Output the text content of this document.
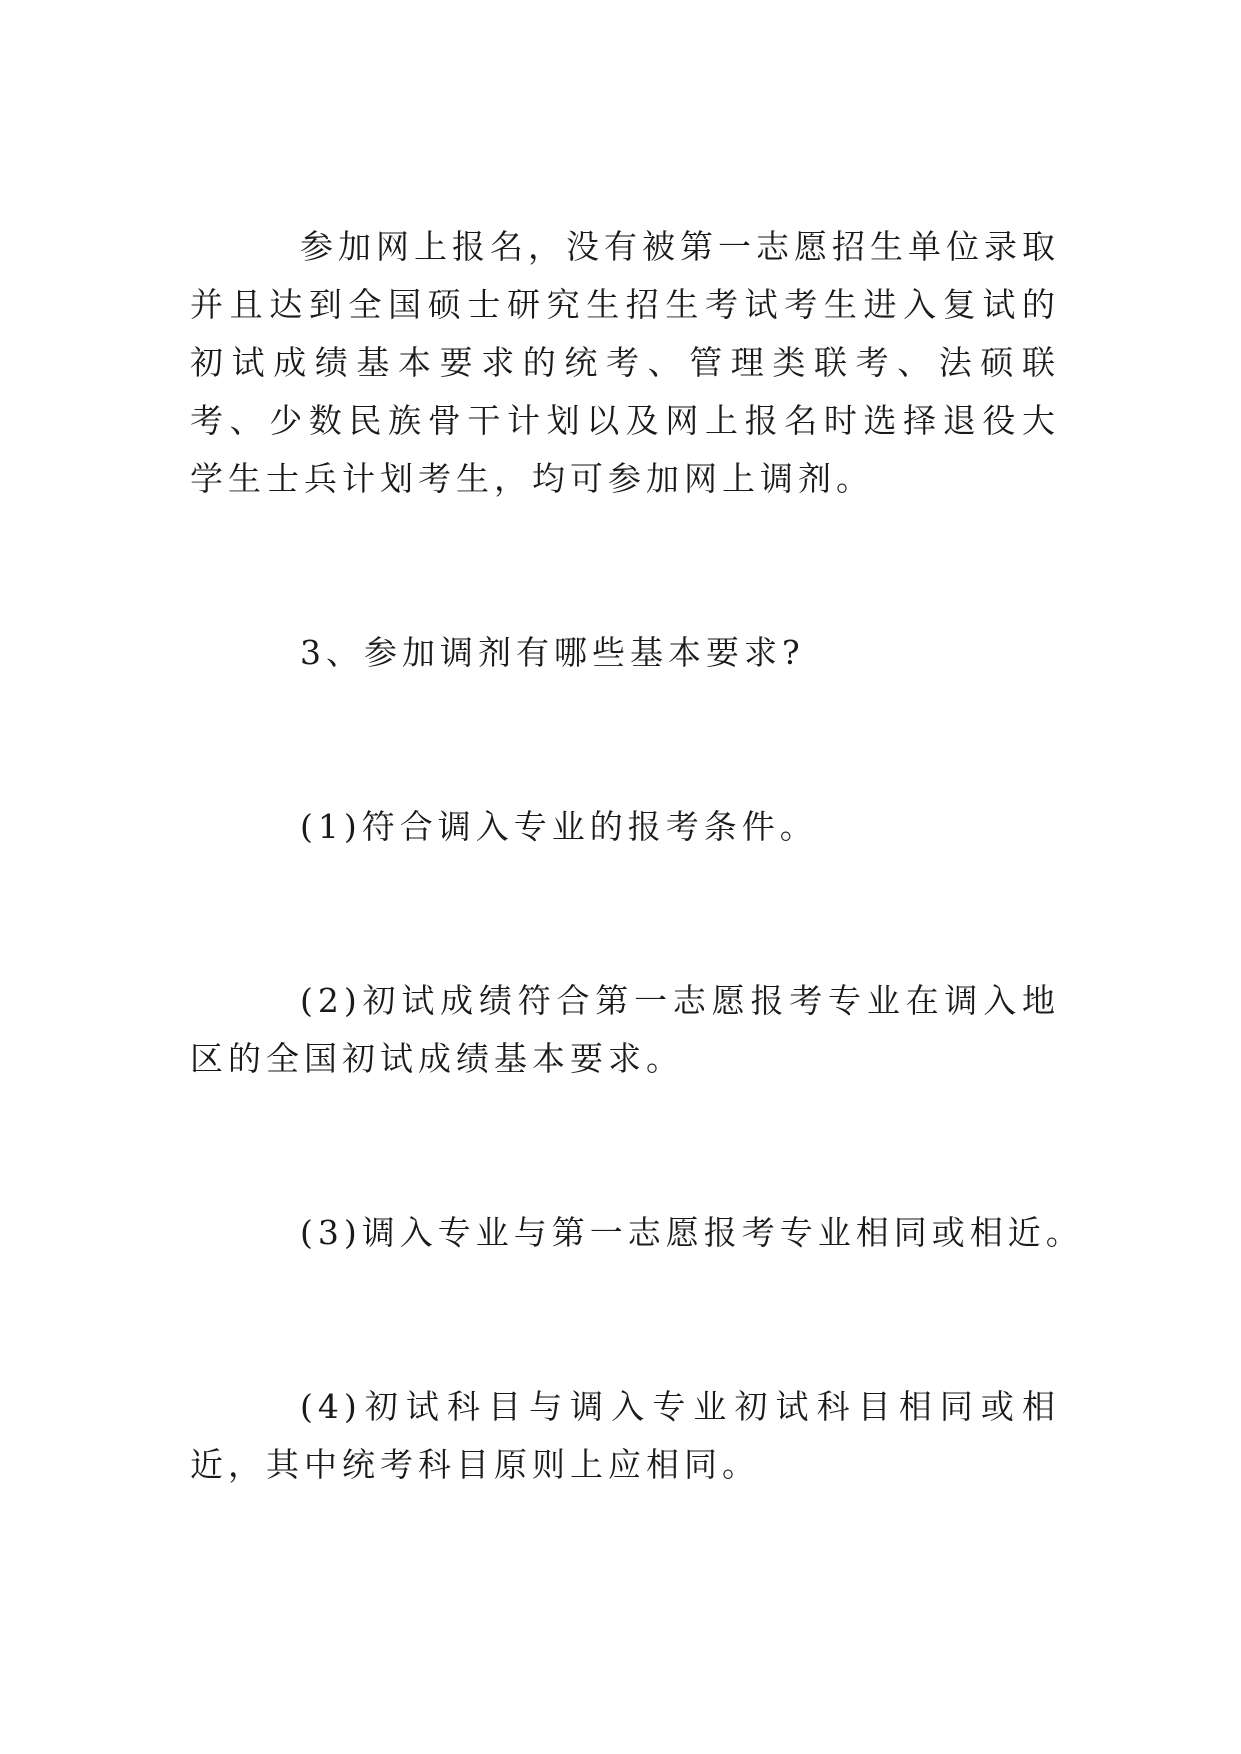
参加网上报名，没有被第一志愿招生单位录取并且达到全国硕士研究生招生考试考生进入复试的初试成绩基本要求的统考、管理类联考、法硕联考、少数民族骨干计划以及网上报名时选择退役大学生士兵计划考生，均可参加网上调剂。

3、参加调剂有哪些基本要求?

(1)符合调入专业的报考条件。

(2)初试成绩符合第一志愿报考专业在调入地区的全国初试成绩基本要求。

(3)调入专业与第一志愿报考专业相同或相近。

(4)初试科目与调入专业初试科目相同或相近，其中统考科目原则上应相同。
